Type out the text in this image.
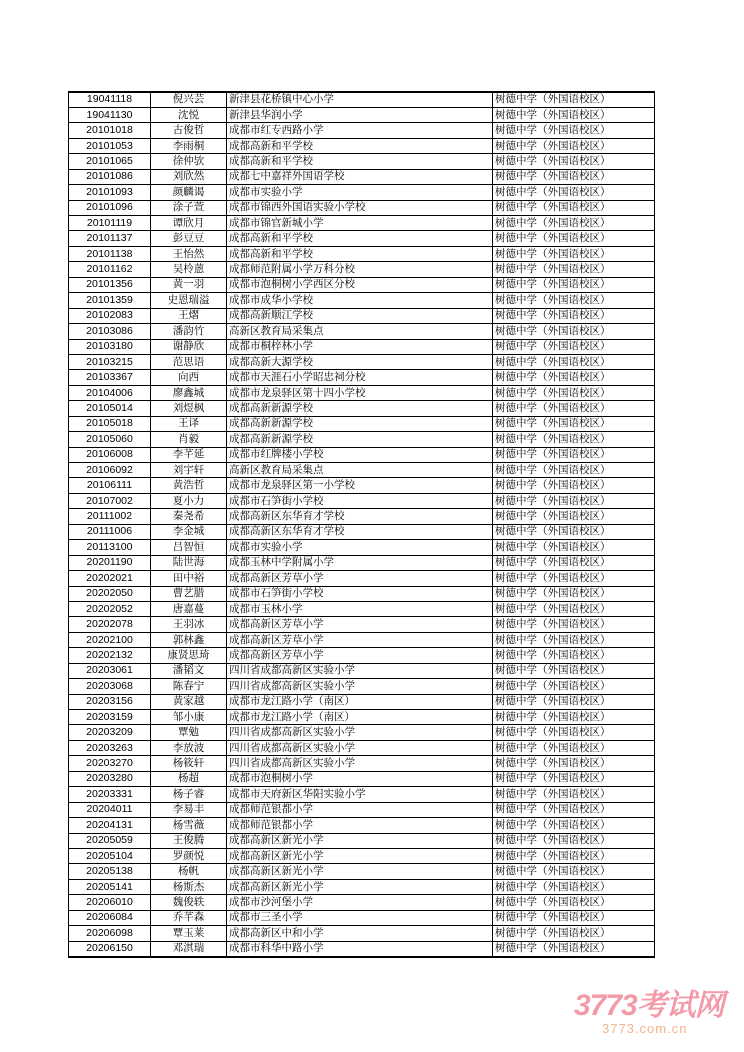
19041118	倪兴芸	新津县花桥镇中心小学	树德中学（外国语校区）
19041130	沈悦	新津县华润小学	树德中学（外国语校区）
20101018	古俊哲	成都市红专西路小学	树德中学（外国语校区）
20101053	李雨桐	成都高新和平学校	树德中学（外国语校区）
20101065	徐仲欤	成都高新和平学校	树德中学（外国语校区）
20101086	刘欣然	成都七中嘉祥外国语学校	树德中学（外国语校区）
20101093	颜麟谒	成都市实验小学	树德中学（外国语校区）
20101096	涂子萱	成都市锦西外国语实验小学校	树德中学（外国语校区）
20101119	谭欣月	成都市锦官新城小学	树德中学（外国语校区）
20101137	彭豆豆	成都高新和平学校	树德中学（外国语校区）
20101138	王怡然	成都高新和平学校	树德中学（外国语校区）
20101162	吴柃蒽	成都师范附属小学万科分校	树德中学（外国语校区）
20101356	黄一羽	成都市泡桐树小学西区分校	树德中学（外国语校区）
20101359	史恩瑞溢	成都市成华小学校	树德中学（外国语校区）
20102083	王熠	成都高新顺江学校	树德中学（外国语校区）
20103086	潘韵竹	高新区教育局采集点	树德中学（外国语校区）
20103180	谢静欣	成都市桐梓林小学	树德中学（外国语校区）
20103215	范思语	成都高新大源学校	树德中学（外国语校区）
20103367	向西	成都市天涯石小学昭忠祠分校	树德中学（外国语校区）
20104006	廖鑫城	成都市龙泉驿区第十四小学校	树德中学（外国语校区）
20105014	刘煜枫	成都高新新源学校	树德中学（外国语校区）
20105018	王译	成都高新新源学校	树德中学（外国语校区）
20105060	肖毅	成都高新新源学校	树德中学（外国语校区）
20106008	李芊延	成都市红牌楼小学校	树德中学（外国语校区）
20106092	刘宇轩	高新区教育局采集点	树德中学（外国语校区）
20106111	黄浩哲	成都市龙泉驿区第一小学校	树德中学（外国语校区）
20107002	夏小力	成都市石笋街小学校	树德中学（外国语校区）
20111002	秦尧希	成都高新区东华育才学校	树德中学（外国语校区）
20111006	李金城	成都高新区东华育才学校	树德中学（外国语校区）
20113100	吕智恒	成都市实验小学	树德中学（外国语校区）
20201190	陆世海	成都玉林中学附属小学	树德中学（外国语校区）
20202021	田中裕	成都高新区芳草小学	树德中学（外国语校区）
20202050	曹艺腊	成都市石笋街小学校	树德中学（外国语校区）
20202052	唐嘉蔓	成都市玉林小学	树德中学（外国语校区）
20202078	王羽冰	成都高新区芳草小学	树德中学（外国语校区）
20202100	郭林鑫	成都高新区芳草小学	树德中学（外国语校区）
20202132	康贤思琦	成都高新区芳草小学	树德中学（外国语校区）
20203061	潘韬文	四川省成都高新区实验小学	树德中学（外国语校区）
20203068	陈春宁	四川省成都高新区实验小学	树德中学（外国语校区）
20203156	黄家越	成都市龙江路小学（南区）	树德中学（外国语校区）
20203159	邹小康	成都市龙江路小学（南区）	树德中学（外国语校区）
20203209	覃勉	四川省成都高新区实验小学	树德中学（外国语校区）
20203263	李放波	四川省成都高新区实验小学	树德中学（外国语校区）
20203270	杨筱轩	四川省成都高新区实验小学	树德中学（外国语校区）
20203280	杨超	成都市泡桐树小学	树德中学（外国语校区）
20203331	杨子睿	成都市天府新区华阳实验小学	树德中学（外国语校区）
20204011	李易丰	成都师范银都小学	树德中学（外国语校区）
20204131	杨雪薇	成都师范银都小学	树德中学（外国语校区）
20205059	王俊腾	成都高新区新光小学	树德中学（外国语校区）
20205104	罗颜悦	成都高新区新光小学	树德中学（外国语校区）
20205138	杨帆	成都高新区新光小学	树德中学（外国语校区）
20205141	杨斯杰	成都高新区新光小学	树德中学（外国语校区）
20206010	魏俊轶	成都市沙河堡小学	树德中学（外国语校区）
20206084	乔芊森	成都市三圣小学	树德中学（外国语校区）
20206098	覃玉莱	成都高新区中和小学	树德中学（外国语校区）
20206150	邓淇瑞	成都市科华中路小学	树德中学（外国语校区）
3773考试网
3773.com.cn
